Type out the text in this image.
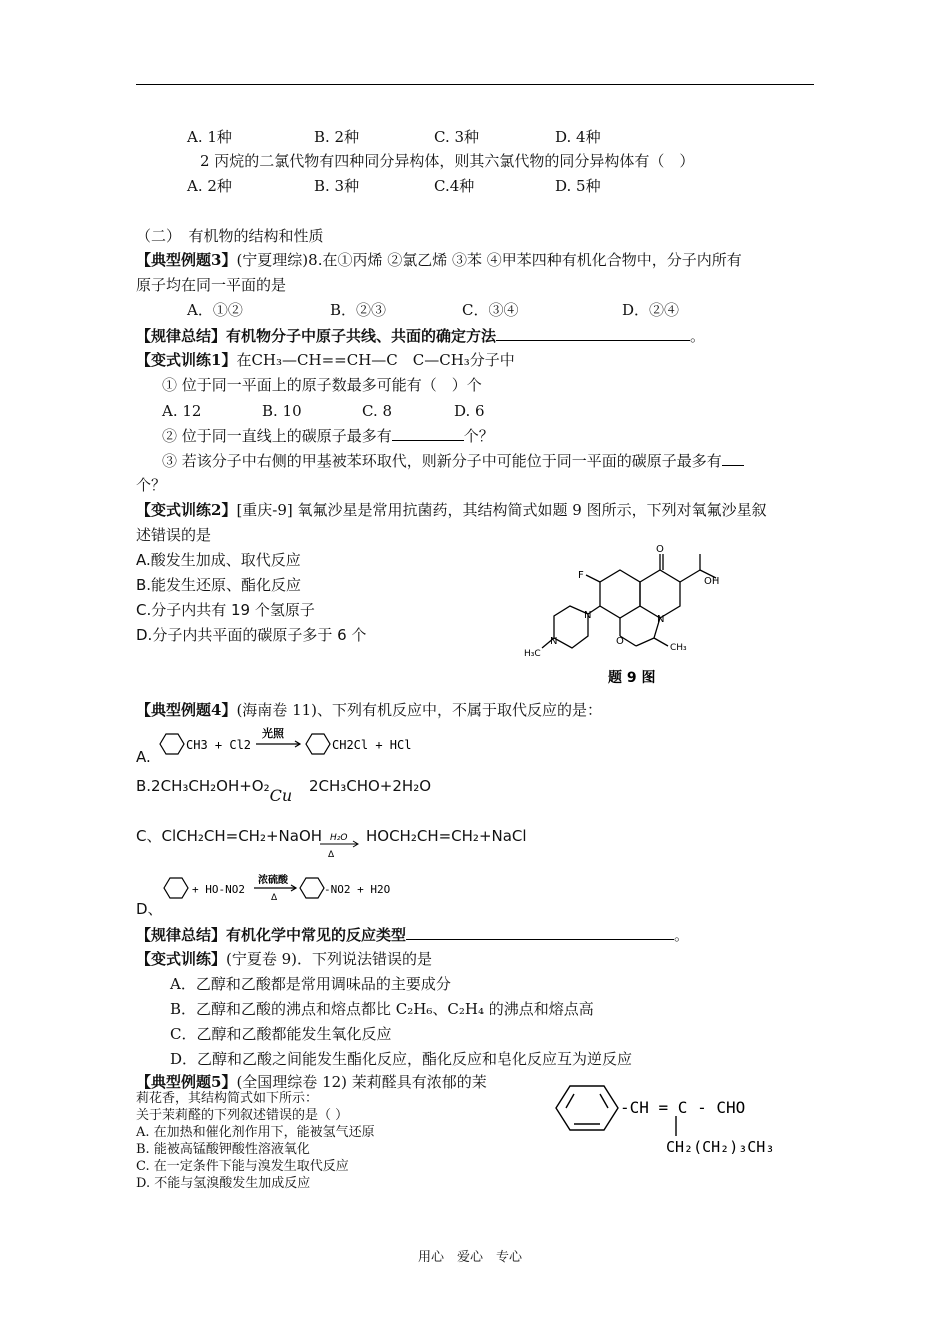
A. 1种	B. 2种	C. 3种	D. 4种
2 丙烷的二氯代物有四种同分异构体，则其六氯代物的同分异构体有（　）
A. 2种	B. 3种	C.4种	D. 5种
（二）　有机物的结构和性质
【典型例题3】(宁夏理综)8.在①丙烯 ②氯乙烯 ③苯 ④甲苯四种有机化合物中，分子内所有
原子均在同一平面的是
A．①②	B．②③	C．③④	D．②④
【规律总结】有机物分子中原子共线、共面的确定方法	。
【变式训练1】在CH₃—CH==CH—C　C—CH₃分子中
① 位于同一平面上的原子数最多可能有（　）个
A. 12	B. 10	C. 8	D. 6
② 位于同一直线上的碳原子最多有	个？
③ 若该分子中右侧的甲基被苯环取代，则新分子中可能位于同一平面的碳原子最多有
个？
【变式训练2】[重庆-9] 氧氟沙星是常用抗菌药，其结构简式如题 9 图所示，下列对氧氟沙星叙
述错误的是
A.酸发生加成、取代反应
B.能发生还原、酯化反应
C.分子内共有 19 个氢原子
D.分子内共平面的碳原子多于 6 个
O
OH
F
N	N
N	O
H₃C
CH₃
题 9 图
【典型例题4】(海南卷 11)、下列有机反应中，不属于取代反应的是：
A.
CH3 + Cl2
光照
CH2Cl + HCl
B.2CH₃CH₂OH+O₂Cu 2CH₃CHO+2H₂O
C、ClCH₂CH=CH₂+NaOH H₂O
Δ
HOCH₂CH=CH₂+NaCl
+ HO-NO2
浓硫酸
Δ
-NO2 + H2O
D、
【规律总结】有机化学中常见的反应类型	。
【变式训练】(宁夏卷 9)．下列说法错误的是
A．乙醇和乙酸都是常用调味品的主要成分
B．乙醇和乙酸的沸点和熔点都比 C₂H₆、C₂H₄ 的沸点和熔点高
C．乙醇和乙酸都能发生氧化反应
D．乙醇和乙酸之间能发生酯化反应，酯化反应和皂化反应互为逆反应
【典型例题5】(全国理综卷 12) 茉莉醛具有浓郁的茉
莉花香，其结构简式如下所示：
关于茉莉醛的下列叙述错误的是（ ）
A. 在加热和催化剂作用下，能被氢气还原
B. 能被高锰酸钾酸性溶液氧化
C. 在一定条件下能与溴发生取代反应
D. 不能与氢溴酸发生加成反应
-CH = C - CHO
CH₂(CH₂)₃CH₃
用心　爱心　专心
